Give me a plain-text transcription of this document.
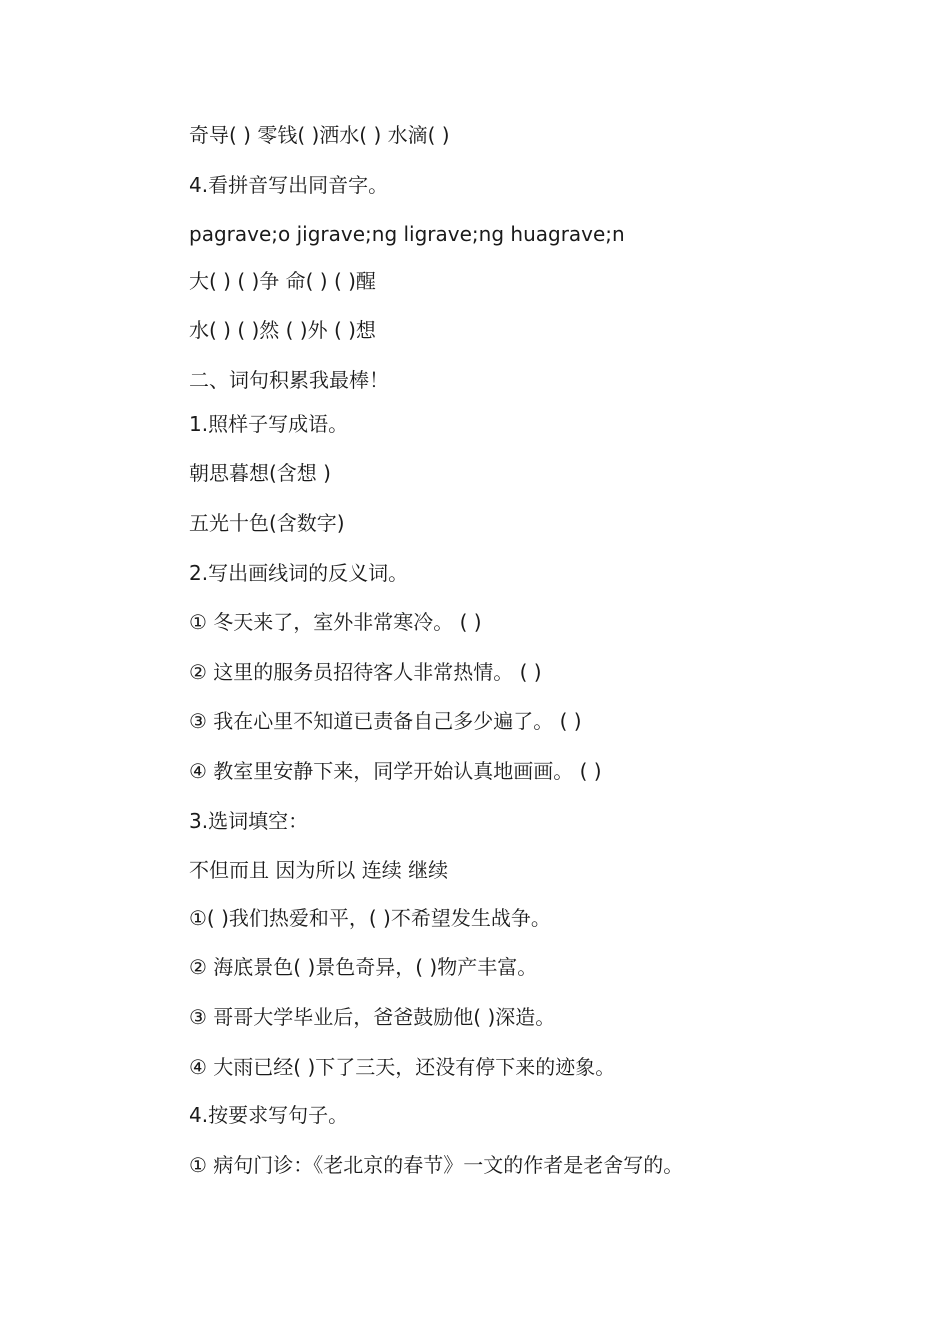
奇导( ) 零钱( )洒水( ) 水滴( )
4.看拼音写出同音字。
pagrave;o jigrave;ng ligrave;ng huagrave;n
大( ) ( )争 命( ) ( )醒
水( ) ( )然 ( )外 ( )想
二、词句积累我最棒！
1.照样子写成语。
朝思暮想(含想 )
五光十色(含数字)
2.写出画线词的反义词。
① 冬天来了，室外非常寒冷。 ( )
② 这里的服务员招待客人非常热情。 ( )
③ 我在心里不知道已责备自己多少遍了。 ( )
④ 教室里安静下来，同学开始认真地画画。 ( )
3.选词填空：
不但而且 因为所以 连续 继续
①( )我们热爱和平，( )不希望发生战争。
② 海底景色( )景色奇异，( )物产丰富。
③ 哥哥大学毕业后，爸爸鼓励他( )深造。
④ 大雨已经( )下了三天，还没有停下来的迹象。
4.按要求写句子。
① 病句门诊：《老北京的春节》一文的作者是老舍写的。
